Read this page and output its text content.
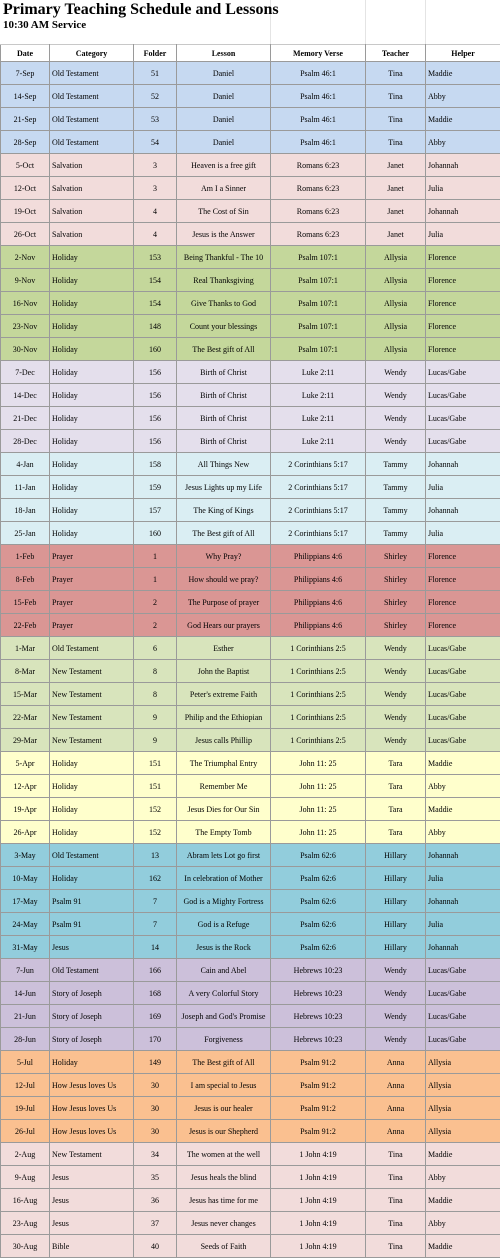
Primary Teaching Schedule and Lessons
10:30 AM Service
Date	Category	Folder	Lesson	Memory Verse	Teacher	Helper
7-Sep	Old Testament	51	Daniel	Psalm 46:1	Tina	Maddie
14-Sep	Old Testament	52	Daniel	Psalm 46:1	Tina	Abby
21-Sep	Old Testament	53	Daniel	Psalm 46:1	Tina	Maddie
28-Sep	Old Testament	54	Daniel	Psalm 46:1	Tina	Abby
5-Oct	Salvation	3	Heaven is a free gift	Romans 6:23	Janet	Johannah
12-Oct	Salvation	3	Am I a Sinner	Romans 6:23	Janet	Julia
19-Oct	Salvation	4	The Cost of Sin	Romans 6:23	Janet	Johannah
26-Oct	Salvation	4	Jesus is the Answer	Romans 6:23	Janet	Julia
2-Nov	Holiday	153	Being Thankful - The 10	Psalm 107:1	Allysia	Florence
9-Nov	Holiday	154	Real Thanksgiving	Psalm 107:1	Allysia	Florence
16-Nov	Holiday	154	Give Thanks to God	Psalm 107:1	Allysia	Florence
23-Nov	Holiday	148	Count your blessings	Psalm 107:1	Allysia	Florence
30-Nov	Holiday	160	The Best gift of All	Psalm 107:1	Allysia	Florence
7-Dec	Holiday	156	Birth of Christ	Luke 2:11	Wendy	Lucas/Gabe
14-Dec	Holiday	156	Birth of Christ	Luke 2:11	Wendy	Lucas/Gabe
21-Dec	Holiday	156	Birth of Christ	Luke 2:11	Wendy	Lucas/Gabe
28-Dec	Holiday	156	Birth of Christ	Luke 2:11	Wendy	Lucas/Gabe
4-Jan	Holiday	158	All Things New	2 Corinthians 5:17	Tammy	Johannah
11-Jan	Holiday	159	Jesus Lights up my Life	2 Corinthians 5:17	Tammy	Julia
18-Jan	Holiday	157	The King of Kings	2 Corinthians 5:17	Tammy	Johannah
25-Jan	Holiday	160	The Best gift of All	2 Corinthians 5:17	Tammy	Julia
1-Feb	Prayer	1	Why Pray?	Philippians 4:6	Shirley	Florence
8-Feb	Prayer	1	How should we pray?	Philippians 4:6	Shirley	Florence
15-Feb	Prayer	2	The Purpose of prayer	Philippians 4:6	Shirley	Florence
22-Feb	Prayer	2	God Hears our prayers	Philippians 4:6	Shirley	Florence
1-Mar	Old Testament	6	Esther	1 Corinthians 2:5	Wendy	Lucas/Gabe
8-Mar	New Testament	8	John the Baptist	1 Corinthians 2:5	Wendy	Lucas/Gabe
15-Mar	New Testament	8	Peter's extreme Faith	1 Corinthians 2:5	Wendy	Lucas/Gabe
22-Mar	New Testament	9	Philip and the Ethiopian	1 Corinthians 2:5	Wendy	Lucas/Gabe
29-Mar	New Testament	9	Jesus calls Phillip	1 Corinthians 2:5	Wendy	Lucas/Gabe
5-Apr	Holiday	151	The Triumphal Entry	John 11: 25	Tara	Maddie
12-Apr	Holiday	151	Remember Me	John 11: 25	Tara	Abby
19-Apr	Holiday	152	Jesus Dies for Our Sin	John 11: 25	Tara	Maddie
26-Apr	Holiday	152	The Empty Tomb	John 11: 25	Tara	Abby
3-May	Old Testament	13	Abram lets Lot go first	Psalm 62:6	Hillary	Johannah
10-May	Holiday	162	In celebration of Mother	Psalm 62:6	Hillary	Julia
17-May	Psalm 91	7	God is a Mighty Fortress	Psalm 62:6	Hillary	Johannah
24-May	Psalm 91	7	God is a Refuge	Psalm 62:6	Hillary	Julia
31-May	Jesus	14	Jesus is the Rock	Psalm 62:6	Hillary	Johannah
7-Jun	Old Testament	166	Cain and Abel	Hebrews 10:23	Wendy	Lucas/Gabe
14-Jun	Story of Joseph	168	A very Colorful Story	Hebrews 10:23	Wendy	Lucas/Gabe
21-Jun	Story of Joseph	169	Joseph and God's Promise	Hebrews 10:23	Wendy	Lucas/Gabe
28-Jun	Story of Joseph	170	Forgiveness	Hebrews 10:23	Wendy	Lucas/Gabe
5-Jul	Holiday	149	The Best gift of All	Psalm 91:2	Anna	Allysia
12-Jul	How Jesus loves Us	30	I am special to Jesus	Psalm 91:2	Anna	Allysia
19-Jul	How Jesus loves Us	30	Jesus is our healer	Psalm 91:2	Anna	Allysia
26-Jul	How Jesus loves Us	30	Jesus is our Shepherd	Psalm 91:2	Anna	Allysia
2-Aug	New Testament	34	The women at the well	1 John 4:19	Tina	Maddie
9-Aug	Jesus	35	Jesus heals the blind	1 John 4:19	Tina	Abby
16-Aug	Jesus	36	Jesus has time for me	1 John 4:19	Tina	Maddie
23-Aug	Jesus	37	Jesus never changes	1 John 4:19	Tina	Abby
30-Aug	Bible	40	Seeds of Faith	1 John 4:19	Tina	Maddie
